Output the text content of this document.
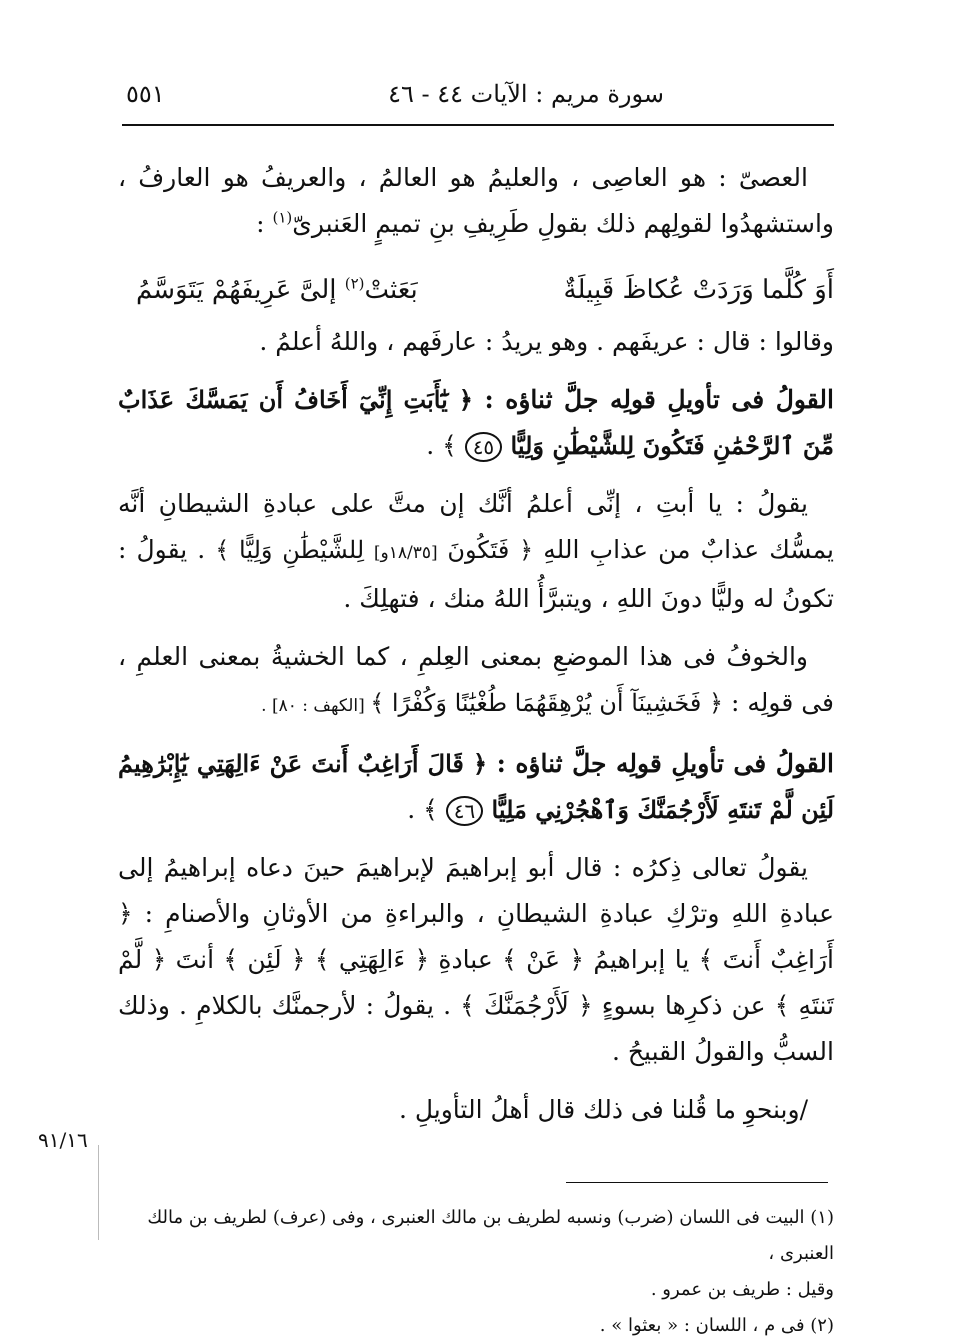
سورة مريم : الآيات ٤٤ - ٤٦
٥٥١

العصىّ : هو العاصِى ، والعليمُ هو العالمُ ، والعريفُ هو العارفُ ، واستشهدُوا لقولِهم ذلك بقولِ طَرِيفِ بنِ تميمٍ العَنبرىّ$^{(١)}$ :

أَوَ كُلَّما وَرَدَتْ عُكاظَ قَبِيلَةٌ
بَعَثتْ$^{(٢)}$ إلىَّ عَرِيفَهُمْ يَتَوَسَّمُ

وقالوا : قال : عريفَهم . وهو يريدُ : عارفَهم ، واللهُ أعلمُ .

القولُ فى تأويلِ قولِه جلَّ ثناؤه : ﴿ يَٰٓأَبَتِ إِنِّيٓ أَخَافُ أَن يَمَسَّكَ عَذَابٌ مِّنَ ٱلرَّحْمَٰنِ فَتَكُونَ لِلشَّيْطَٰنِ وَلِيًّا ٤٥ ﴾ .

يقولُ : يا أبتِ ، إنِّى أعلمُ أنَّك إن متَّ على عبادةِ الشيطانِ أنَّه يمسُّك عذابٌ من عذابِ اللهِ ﴿ فَتَكُونَ [١٨/٣٥و] لِلشَّيْطَٰنِ وَلِيًّا ﴾ . يقولُ : تكونُ له وليًّا دونَ اللهِ ، ويتبرَّأُ اللهُ منك ، فتهلِكَ .

والخوفُ فى هذا الموضعِ بمعنى العِلمِ ، كما الخشيةُ بمعنى العلمِ ، فى قولِه : ﴿ فَخَشِينَآ أَن يُرْهِقَهُمَا طُغْيَٰنًا وَكُفْرًا ﴾ [الكهف : ٨٠] .

القولُ فى تأويلِ قولِه جلَّ ثناؤه : ﴿ قَالَ أَرَاغِبٌ أَنتَ عَنْ ءَالِهَتِي يَٰٓإِبْرَٰهِيمُ لَئِن لَّمْ تَنتَهِ لَأَرْجُمَنَّكَ وَٱهْجُرْنِي مَلِيًّا ٤٦ ﴾ .

يقولُ تعالى ذِكرُه : قال أبو إبراهيمَ لإبراهيمَ حينَ دعاه إبراهيمُ إلى عبادةِ اللهِ وترْكِ عبادةِ الشيطانِ ، والبراءةِ من الأوثانِ والأصنامِ : ﴿ أَرَاغِبٌ أَنتَ ﴾ يا إبراهيمُ ﴿ عَنْ ﴾ عبادةِ ﴿ ءَالِهَتِي ﴾ ﴿ لَئِن ﴾ أنتَ ﴿ لَّمْ تَنتَهِ ﴾ عن ذكرِها بسوءٍ ﴿ لَأَرْجُمَنَّكَ ﴾ . يقولُ : لأرجمنَّك بالكلامِ . وذلك السبُّ والقولُ القبيحُ .

/وبنحوِ ما قُلنا فى ذلك قال أهلُ التأويلِ .

٩١/١٦

(١) البيت فى اللسان (ضرب) ونسبه لطريف بن مالك العنبرى ، وفى (عرف) لطريف بن مالك العنبرى ،

وقيل : طريف بن عمرو .

(٢) فى م ، اللسان : « بعثوا » .
